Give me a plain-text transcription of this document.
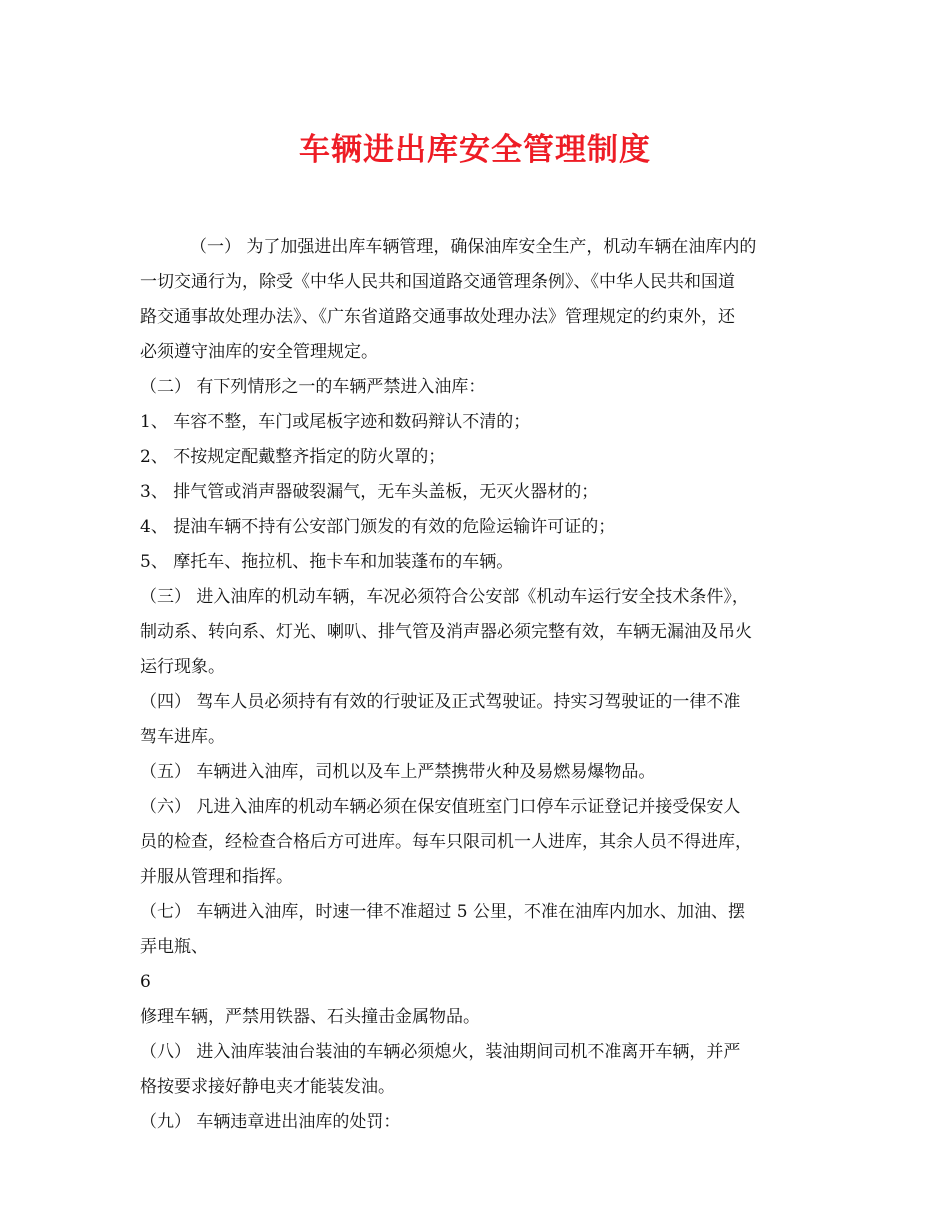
车辆进出库安全管理制度
（一） 为了加强进出库车辆管理，确保油库安全生产，机动车辆在油库内的
一切交通行为，除受《中华人民共和国道路交通管理条例》、《中华人民共和国道
路交通事故处理办法》、《广东省道路交通事故处理办法》管理规定的约束外，还
必须遵守油库的安全管理规定。
（二） 有下列情形之一的车辆严禁进入油库：
1、 车容不整，车门或尾板字迹和数码辩认不清的；
2、 不按规定配戴整齐指定的防火罩的；
3、 排气管或消声器破裂漏气，无车头盖板，无灭火器材的；
4、 提油车辆不持有公安部门颁发的有效的危险运输许可证的；
5、 摩托车、拖拉机、拖卡车和加装蓬布的车辆。
（三） 进入油库的机动车辆，车况必须符合公安部《机动车运行安全技术条件》，
制动系、转向系、灯光、喇叭、排气管及消声器必须完整有效，车辆无漏油及吊火
运行现象。
（四） 驾车人员必须持有有效的行驶证及正式驾驶证。持实习驾驶证的一律不准
驾车进库。
（五） 车辆进入油库，司机以及车上严禁携带火种及易燃易爆物品。
（六） 凡进入油库的机动车辆必须在保安值班室门口停车示证登记并接受保安人
员的检查，经检查合格后方可进库。每车只限司机一人进库，其余人员不得进库，
并服从管理和指挥。
（七） 车辆进入油库，时速一律不准超过 5 公里，不准在油库内加水、加油、摆
弄电瓶、
6
修理车辆，严禁用铁器、石头撞击金属物品。
（八） 进入油库装油台装油的车辆必须熄火，装油期间司机不准离开车辆，并严
格按要求接好静电夹才能装发油。
（九） 车辆违章进出油库的处罚：
